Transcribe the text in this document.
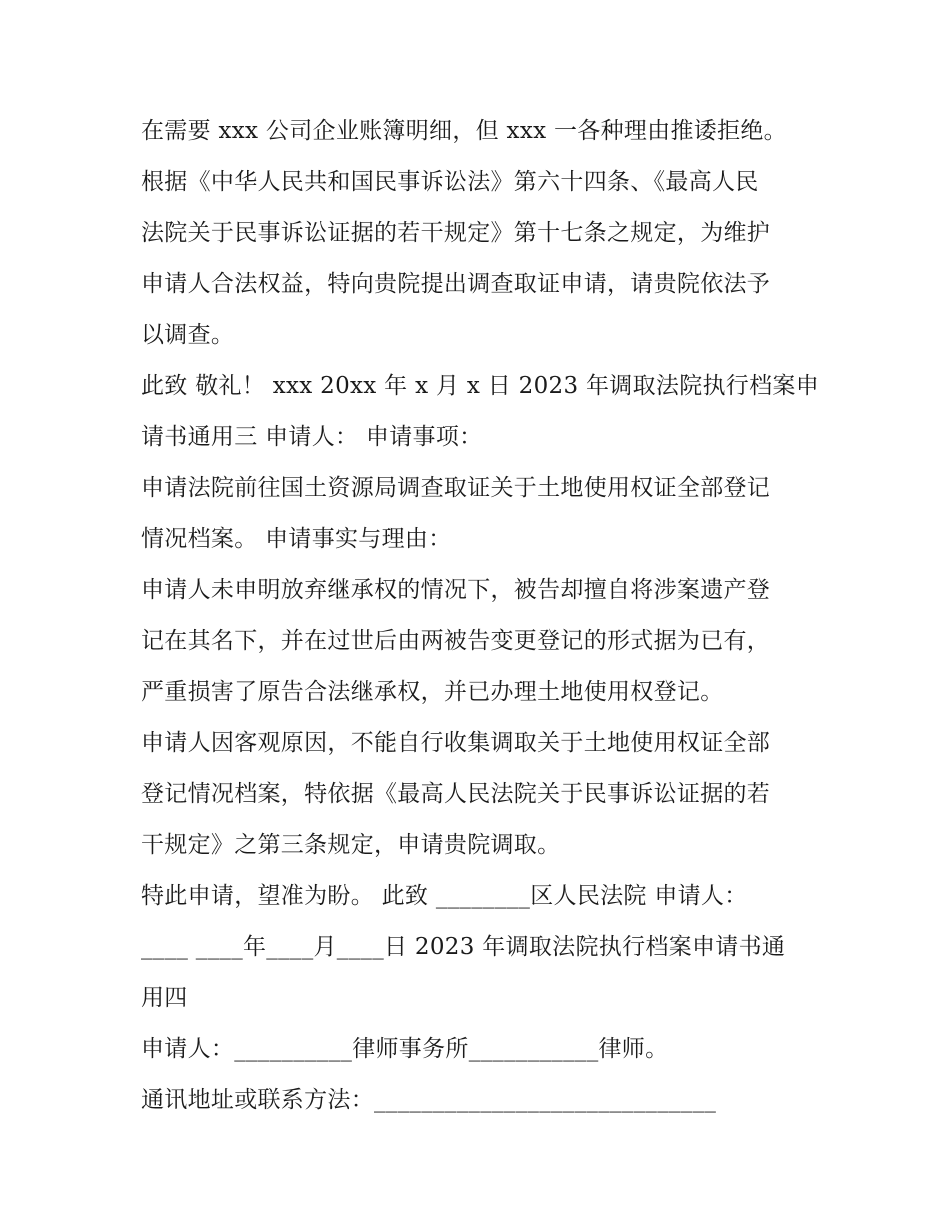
在需要 xxx 公司企业账簿明细，但 xxx 一各种理由推诿拒绝。
根据《中华人民共和国民事诉讼法》第六十四条、《最高人民
法院关于民事诉讼证据的若干规定》第十七条之规定，为维护
申请人合法权益，特向贵院提出调查取证申请，请贵院依法予
以调查。
此致 敬礼！ xxx 20xx 年 x 月 x 日 2023 年调取法院执行档案申
请书通用三 申请人： 申请事项：
申请法院前往国土资源局调查取证关于土地使用权证全部登记
情况档案。 申请事实与理由：
申请人未申明放弃继承权的情况下，被告却擅自将涉案遗产登
记在其名下，并在过世后由两被告变更登记的形式据为已有，
严重损害了原告合法继承权，并已办理土地使用权登记。
申请人因客观原因，不能自行收集调取关于土地使用权证全部
登记情况档案，特依据《最高人民法院关于民事诉讼证据的若
干规定》之第三条规定，申请贵院调取。
特此申请，望准为盼。 此致 ________区人民法院 申请人：
____ ____年____月____日 2023 年调取法院执行档案申请书通
用四
申请人：__________律师事务所___________律师。
通讯地址或联系方法：_____________________________
